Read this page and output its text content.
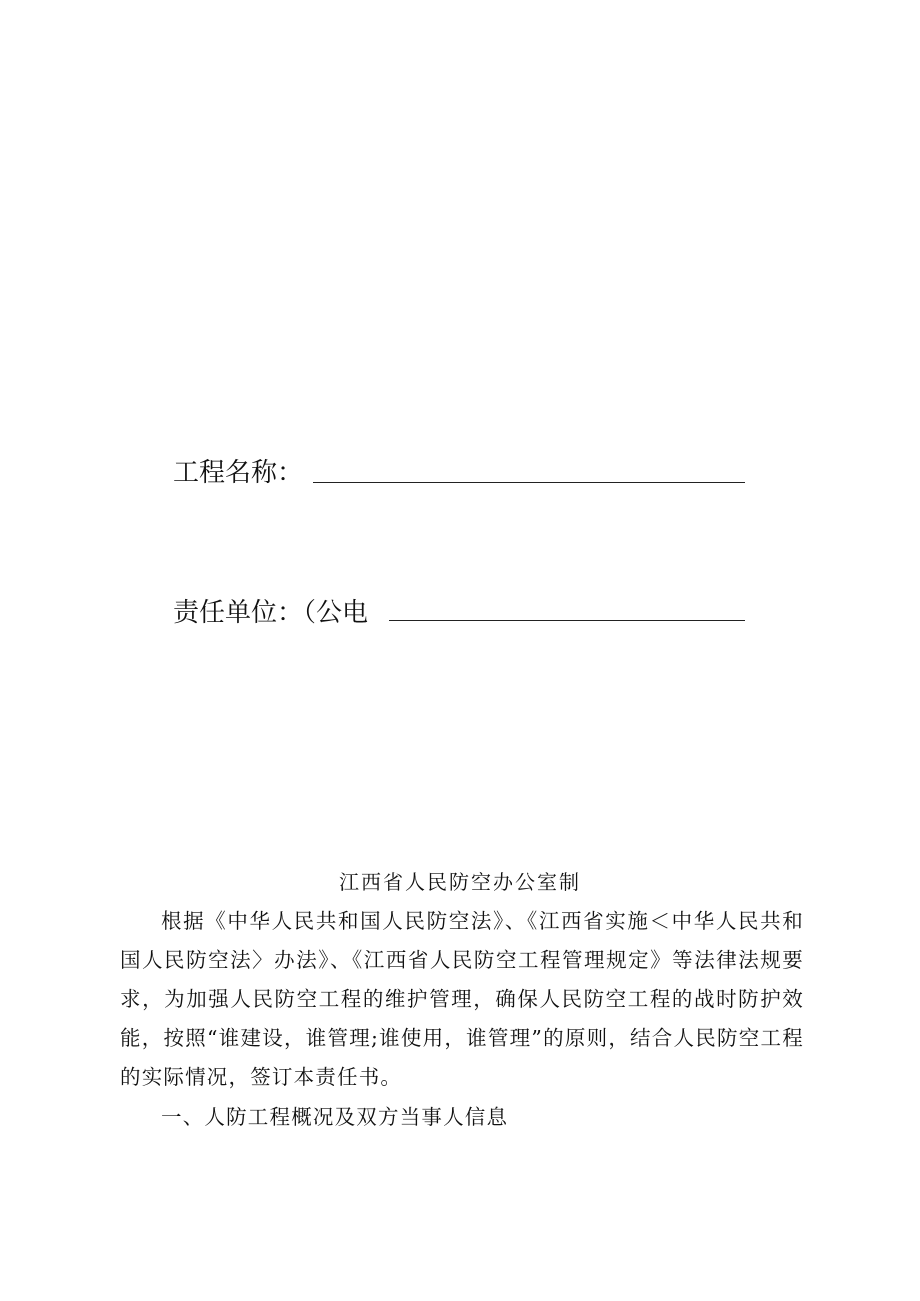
工程名称：
责任单位：（公电
江西省人民防空办公室制

根据《中华人民共和国人民防空法》、《江西省实施＜中华人民共和国人民防空法〉办法》、《江西省人民防空工程管理规定》等法律法规要求，为加强人民防空工程的维护管理，确保人民防空工程的战时防护效能，按照“谁建设，谁管理;谁使用，谁管理”的原则，结合人民防空工程的实际情况，签订本责任书。

一、人防工程概况及双方当事人信息
